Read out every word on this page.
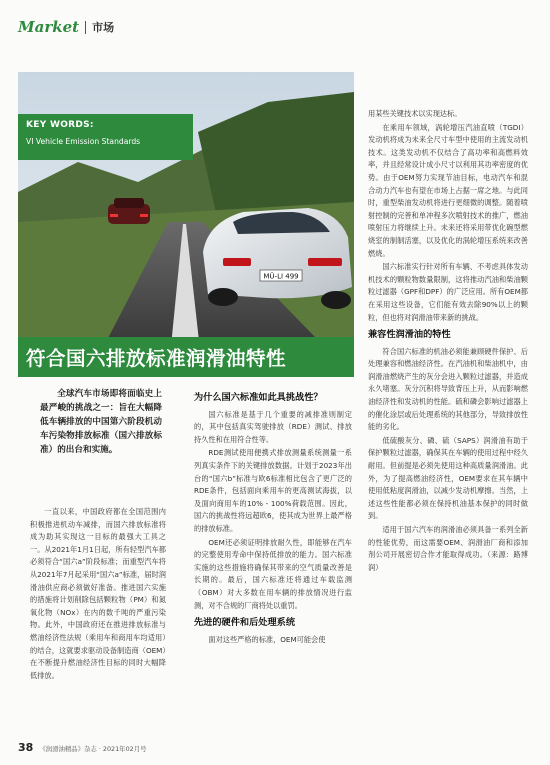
Market 市场
MÜ-LI 499
KEY WORDS:
VI Vehicle Emission Standards
符合国六排放标准润滑油特性
全球汽车市场即将面临史上最严峻的挑战之一：旨在大幅降低车辆排放的中国第六阶段机动车污染物排放标准（国六排放标准）的出台和实施。

一直以来，中国政府都在全国范围内积极推进机动车减排，而国六排放标准将成为助其实现这一目标的最强大工具之一。从2021年1月1日起，所有轻型汽车都必须符合“国六a”阶段标准；而重型汽车将从2021年7月起采用“国六a”标准，届时润滑油供应商必须做好准备。推进国六实施的措施将计划削除包括颗粒物（PM）和氮氧化物（NOx）在内的数千吨的严重污染物。此外，中国政府还在推进排放标准与燃油经济性法规（乘用车和商用车均适用）的结合，这就要求驱动设备制造商（OEM）在不断提升燃油经济性目标的同时大幅降低排放。

为什么国六标准如此具挑战性？

国六标准是基于几个重要的减排准则制定的，其中包括真实驾驶排放（RDE）测试、排放持久性和在用符合性等。

RDE测试使用便携式排放测量系统测量一系列真实条件下的关键排放数据。计划于2023年出台的“国六b”标准与欧6标准相比包含了更广泛的RDE条件，包括面向乘用车的更高测试海拔，以及面向商用车的10% - 100%荷载范围。因此，国六的挑战性将远超欧6，使其成为世界上最严格的排放标准。

OEM还必须证明排放耐久性，即能够在汽车的完整使用寿命中保持低排放的能力。国六标准实施的这些措施将确保其带来的空气质量改善是长期的。最后，国六标准还将通过车载监测（OBM）对大多数在用车辆的排放情况进行监测，对不合规的厂商将处以重罚。

先进的硬件和后处理系统

面对这些严格的标准，OEM可能会使

用某些关键技术以实现达标。

在乘用车领域，涡轮增压汽油直喷（TGDI）发动机将成为未来全尺寸车型中使用的主流发动机技术。这类发动机不仅结合了高功率和高燃料效率，并且经常设计成小尺寸以利用其功率密度的优势。由于OEM努力实现节油目标，电动汽车和混合动力汽车也有望在市场上占据一席之地。与此同时，重型柴油发动机将进行更细微的调整。随着喷射控制的完善和单冲程多次喷射技术的推广，燃油喷射压力将继续上升。未来还将采用带优化碗型燃烧室的制制活塞，以及优化的涡轮增压系统来改善燃烧。

国六标准实行针对所有车辆、不考虑具体发动机技术的颗粒物数量限制，这将推动汽油和柴油颗粒过滤器（GPF和DPF）的广泛应用。所有OEM都在采用这些设备，它们能有效去除90%以上的颗粒，但也将对润滑油带来新的挑战。

兼容性润滑油的特性

符合国六标准的机油必须能兼顾硬件保护、后处理兼容和燃油经济性。在汽油机和柴油机中，由润滑油燃烧产生的灰分会进入颗粒过滤器，并造成永久堵塞。灰分沉积将导致背压上升，从而影响燃油经济性和发动机的性能。硫和磷会影响过滤器上的催化涂层或后处理系统的其他部分，导致排放性能的劣化。

低硫酸灰分、磷、硫（SAPS）润滑油有助于保护颗粒过滤器，确保其在车辆的使用过程中经久耐用。但前提是必须先使用这种高质量润滑油。此外，为了提高燃油经济性，OEM要求在其车辆中使用低粘度润滑油，以减少发动机摩擦。当然，上述这些性能都必须在保持机油基本保护的同时做到。

适用于国六汽车的润滑油必须具备一系列全新的性能优势，而这需要OEM、润滑油厂商和添加剂公司开展密切合作才能取得成功。（来源：路博润）

38 《润滑油精品》杂志 · 2021年02月号
